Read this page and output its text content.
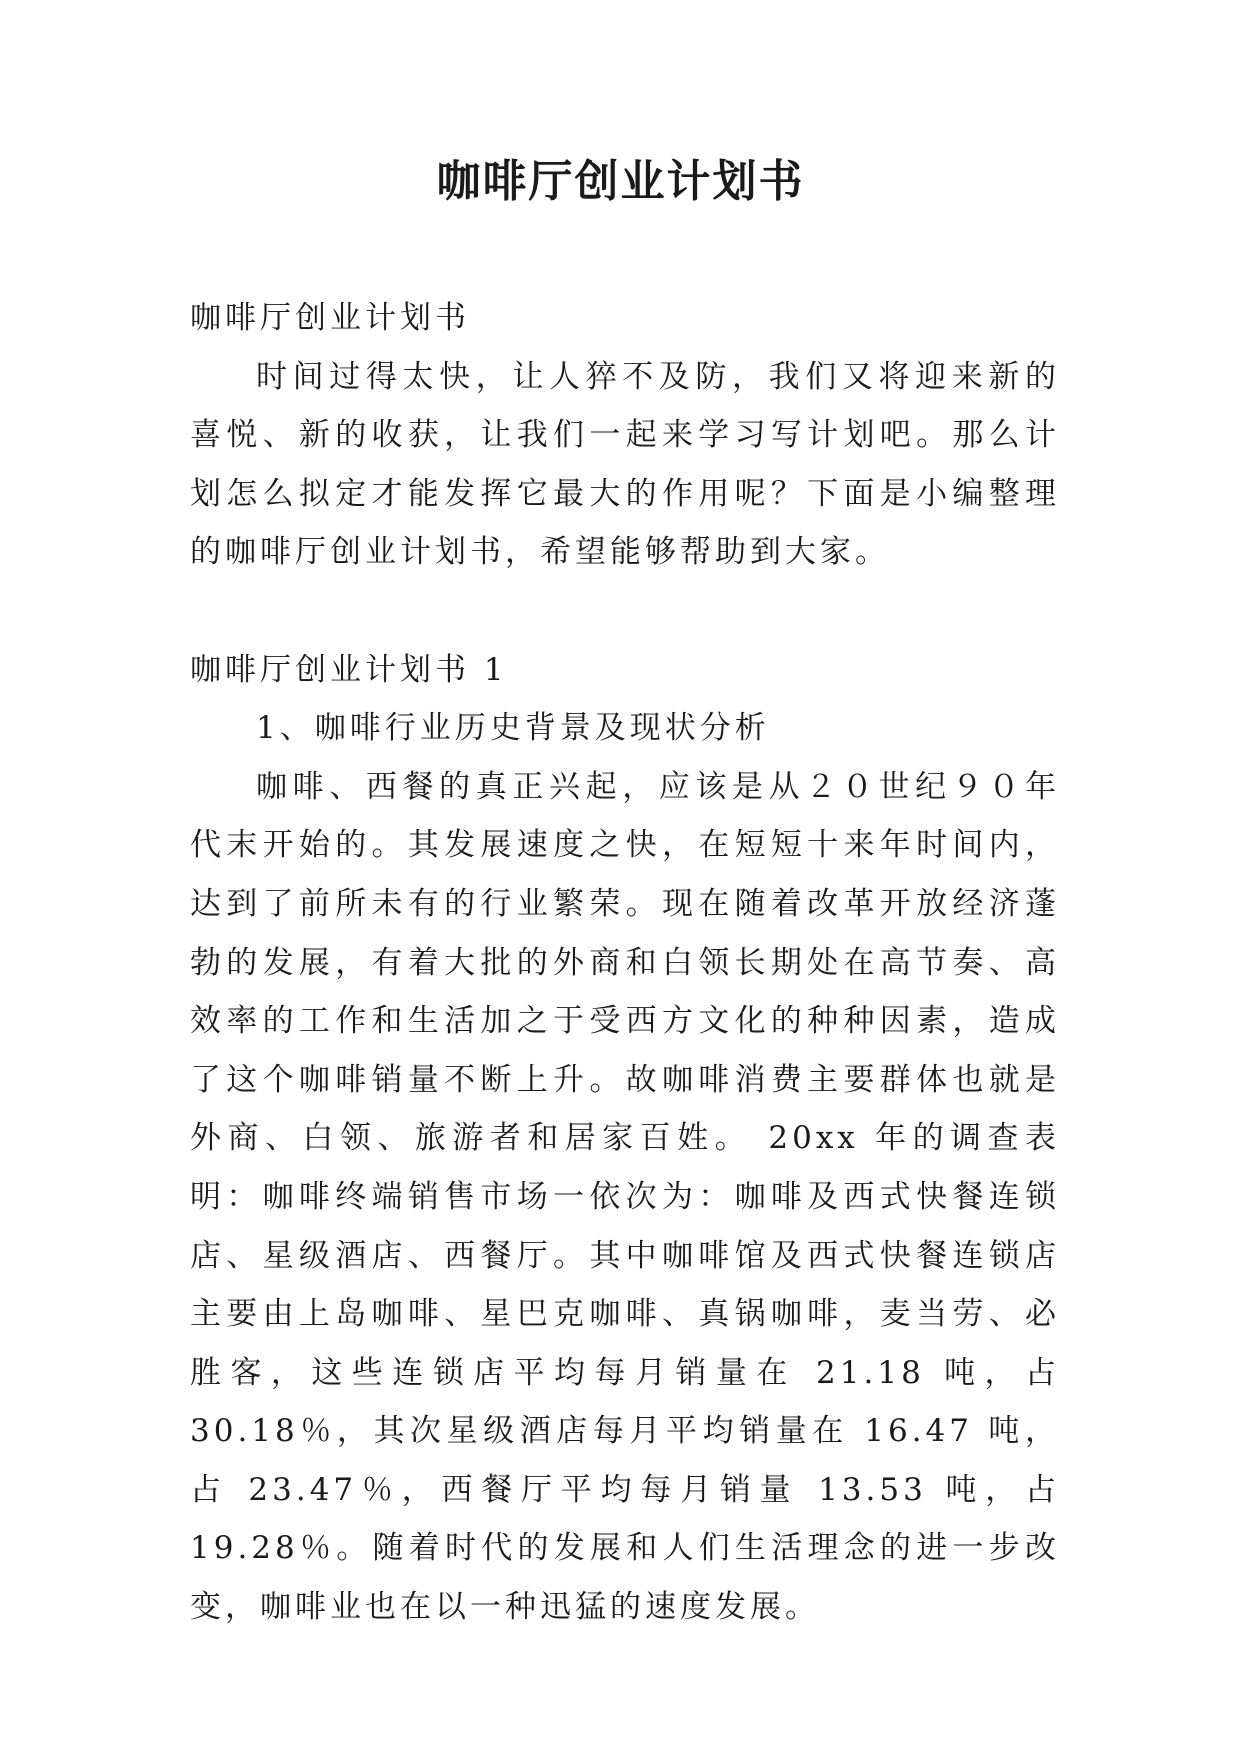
咖啡厅创业计划书

咖啡厅创业计划书

时间过得太快，让人猝不及防，我们又将迎来新的喜悦、新的收获，让我们一起来学习写计划吧。那么计划怎么拟定才能发挥它最大的作用呢？下面是小编整理的咖啡厅创业计划书，希望能够帮助到大家。

咖啡厅创业计划书 1

1、咖啡行业历史背景及现状分析

咖啡、西餐的真正兴起，应该是从２０世纪９０年代末开始的。其发展速度之快，在短短十来年时间内，达到了前所未有的行业繁荣。现在随着改革开放经济蓬勃的发展，有着大批的外商和白领长期处在高节奏、高效率的工作和生活加之于受西方文化的种种因素，造成了这个咖啡销量不断上升。故咖啡消费主要群体也就是外商、白领、旅游者和居家百姓。 20xx 年的调查表明：咖啡终端销售市场一依次为：咖啡及西式快餐连锁店、星级酒店、西餐厅。其中咖啡馆及西式快餐连锁店主要由上岛咖啡、星巴克咖啡、真锅咖啡，麦当劳、必胜客，这些连锁店平均每月销量在 21.18 吨，占 30.18％，其次星级酒店每月平均销量在 16.47 吨，占 23.47％，西餐厅平均每月销量 13.53 吨，占 19.28％。随着时代的发展和人们生活理念的进一步改变，咖啡业也在以一种迅猛的速度发展。
